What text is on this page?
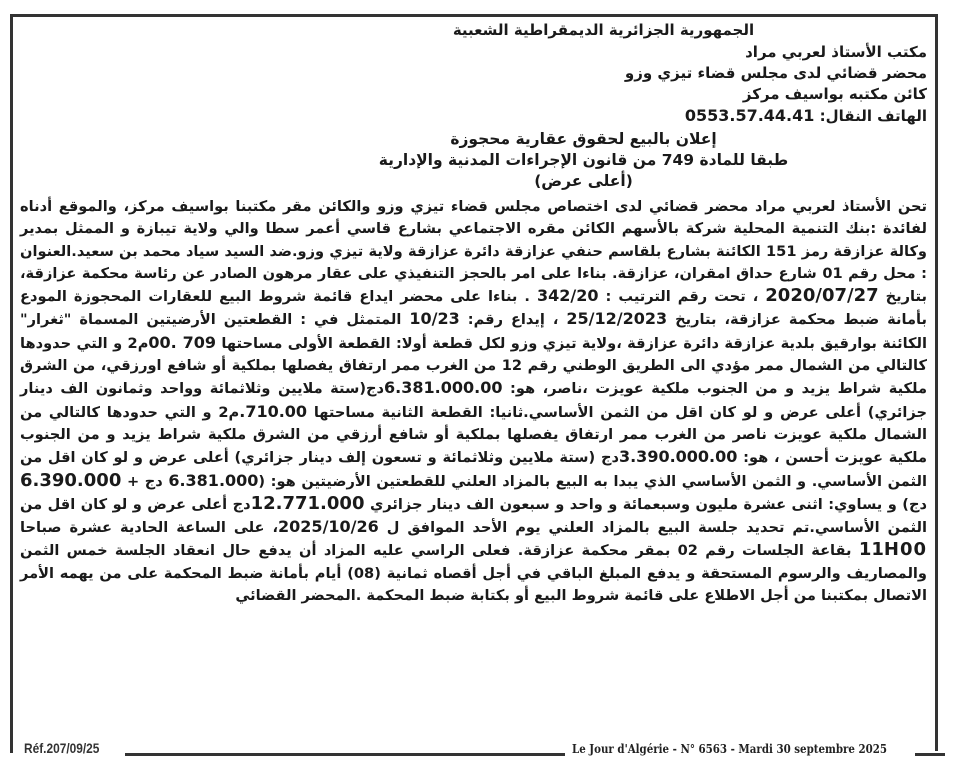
الجمهورية الجزائرية الديمقراطية الشعبية
مكتب الأستاذ لعربي مراد
محضر قضائي لدى مجلس قضاء تيزي وزو
كائن مكتبه بواسيف مركز
الهاتف النقال: 0553.57.44.41
إعلان بالبيع لحقوق عقارية محجوزة
طبقا للمادة 749 من قانون الإجراءات المدنية والإدارية
(أعلى عرض)
تحن الأستاذ لعربي مراد محضر قضائي لدى اختصاص مجلس قضاء تيزي وزو والكائن مقر مكتبنا بواسيف مركز، والموقع أدناه لفائدة :بنك التنمية المحلية شركة بالأسهم الكائن مقره الاجتماعي بشارع قاسي أعمر سطا والي ولاية تيبازة و الممثل بمدير وكالة عزازقة رمز 151 الكائنة بشارع بلقاسم حنفي عزازقة دائرة عزازقة ولاية تيزي وزو.ضد السيد سياد محمد بن سعيد.العنوان : محل رقم 01 شارع حداق امقران، عزازقة. بناءا على امر بالحجز التنفيذي على عقار مرهون الصادر عن رئاسة محكمة عزازقة، بتاريخ 2020/07/27 ، تحت رقم الترتيب : 342/20 . بناءا على محضر ايداع قائمة شروط البيع للعقارات المحجوزة المودع بأمانة ضبط محكمة عزازقة، بتاريخ 25/12/2023 ، إيداع رقم: 10/23 المتمثل في : القطعتين الأرضيتين المسماة "ثغرار" الكائنة بوارقيق بلدية عزازقة دائرة عزازقة ،ولاية تيزي وزو لكل قطعة أولا: القطعة الأولى مساحتها 00. 709م2 و التي حدودها كالتالي من الشمال ممر مؤدي الى الطريق الوطني رقم 12 من الغرب ممر ارتفاق يفصلها بملكية أو شافع اورزقي، من الشرق ملكية شراط يزيد و من الجنوب ملكية عويزت ،ناصر، هو: 6.381.000.00دج(ستة ملايين وثلاثمائة وواحد وثمانون الف دينار جزائري) أعلى عرض و لو كان اقل من الثمن الأساسي.ثانيا: القطعة الثانية مساحتها .710.00م2 و التي حدودها كالتالي من الشمال ملكية عويزت ناصر من الغرب ممر ارتفاق يفصلها بملكية أو شافع أرزقي من الشرق ملكية شراط يزيد و من الجنوب ملكية عويزت أحسن ، هو: 3.390.000.00دج (ستة ملايين وثلاثمائة و تسعون إلف دينار جزائري) أعلى عرض و لو كان اقل من الثمن الأساسي. و الثمن الأساسي الذي يبدا به البيع بالمزاد العلني للقطعتين الأرضيتين هو: (6.381.000 دج + 6.390.000 دج) و يساوي: اثنى عشرة مليون وسبعمائة و واحد و سبعون الف دينار جزائري 12.771.000دج أعلى عرض و لو كان اقل من الثمن الأساسي.تم تحديد جلسة البيع بالمزاد العلني يوم الأحد الموافق ل 2025/10/26، على الساعة الحادية عشرة صباحا 11H00 بقاعة الجلسات رقم 02 بمقر محكمة عزازقة. فعلى الراسي عليه المزاد أن يدفع حال انعقاد الجلسة خمس الثمن والمصاريف والرسوم المستحقة و يدفع المبلغ الباقي في أجل أقصاه ثمانية (08) أيام بأمانة ضبط المحكمة على من يهمه الأمر الاتصال بمكتبنا من أجل الاطلاع على قائمة شروط البيع أو بكتابة ضبط المحكمة .المحضر القضائي
Réf.207/09/25	Le Jour d'Algérie - N° 6563 - Mardi 30 septembre 2025
